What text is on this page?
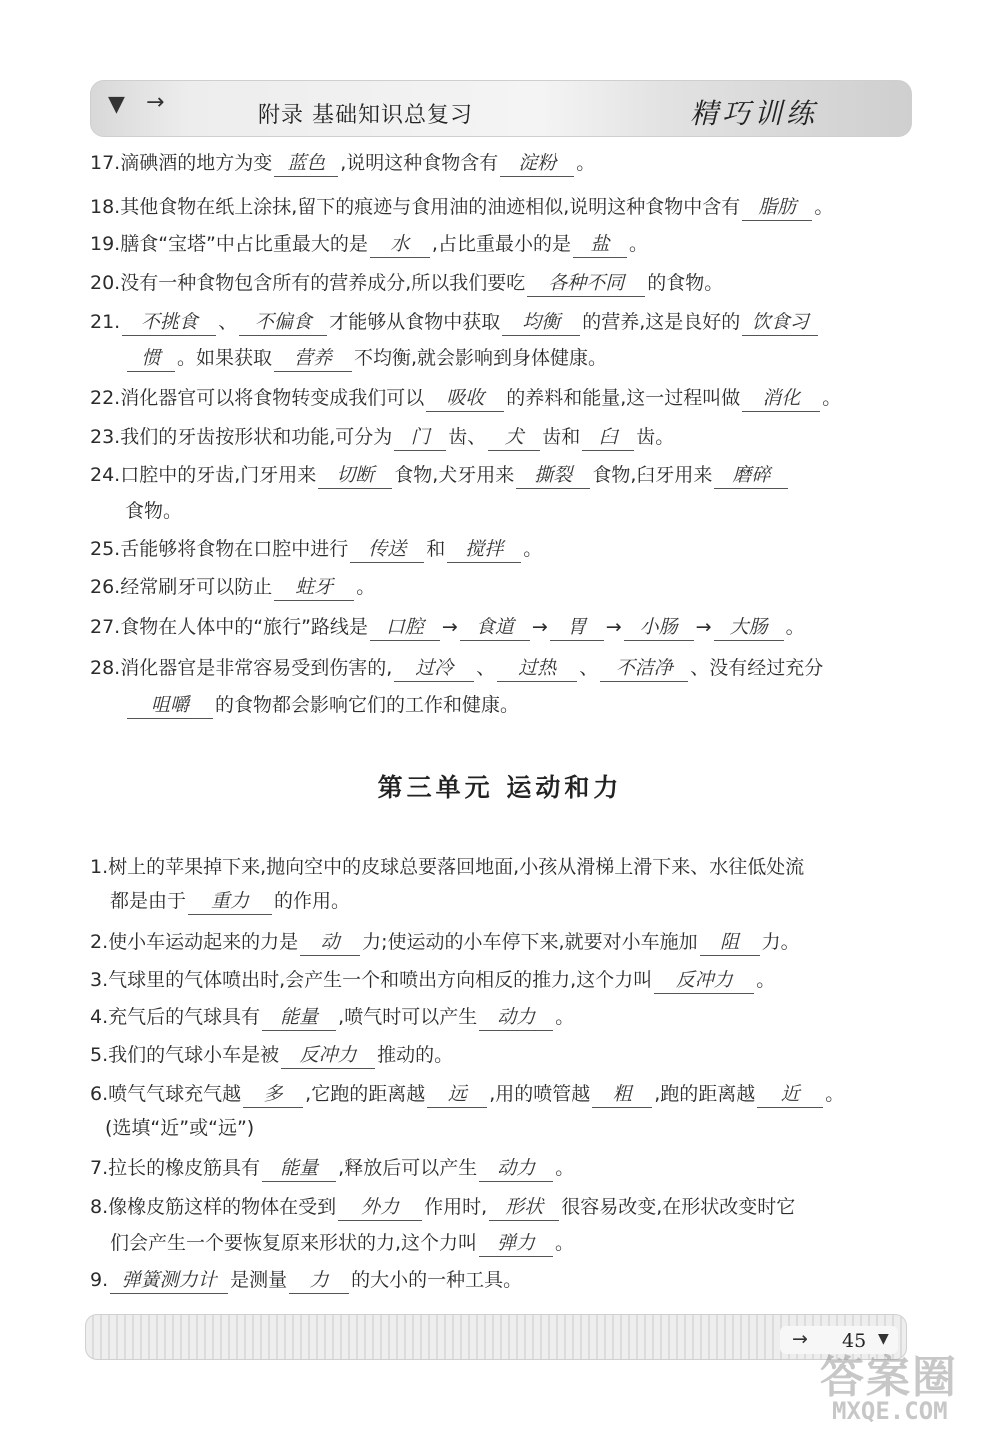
▼ →
附录 基础知识总复习	精巧训练
17.滴碘酒的地方为变 蓝色 ,说明这种食物含有 淀粉 。
18.其他食物在纸上涂抹,留下的痕迹与食用油的油迹相似,说明这种食物中含有 脂肪 。
19.膳食“宝塔”中占比重最大的是 水 ,占比重最小的是 盐 。
20.没有一种食物包含所有的营养成分,所以我们要吃 各种不同 的食物。
21. 不挑食 、 不偏食 才能够从食物中获取 均衡 的营养,这是良好的 饮食习
惯 。如果获取 营养 不均衡,就会影响到身体健康。
22.消化器官可以将食物转变成我们可以 吸收 的养料和能量,这一过程叫做 消化 。
23.我们的牙齿按形状和功能,可分为 门 齿、 犬 齿和 臼 齿。
24.口腔中的牙齿,门牙用来 切断 食物,犬牙用来 撕裂 食物,臼牙用来 磨碎
食物。
25.舌能够将食物在口腔中进行 传送 和 搅拌 。
26.经常刷牙可以防止 蛀牙 。
27.食物在人体中的“旅行”路线是 口腔 → 食道 → 胃 → 小肠 → 大肠 。
28.消化器官是非常容易受到伤害的, 过冷 、 过热 、 不洁净 、没有经过充分
咀嚼 的食物都会影响它们的工作和健康。
第三单元 运动和力
1.树上的苹果掉下来,抛向空中的皮球总要落回地面,小孩从滑梯上滑下来、水往低处流
都是由于 重力 的作用。
2.使小车运动起来的力是 动 力;使运动的小车停下来,就要对小车施加 阻 力。
3.气球里的气体喷出时,会产生一个和喷出方向相反的推力,这个力叫 反冲力 。
4.充气后的气球具有 能量 ,喷气时可以产生 动力 。
5.我们的气球小车是被 反冲力 推动的。
6.喷气气球充气越 多 ,它跑的距离越 远 ,用的喷管越 粗 ,跑的距离越 近 。
(选填“近”或“远”)
7.拉长的橡皮筋具有 能量 ,释放后可以产生 动力 。
8.像橡皮筋这样的物体在受到 外力 作用时, 形状 很容易改变,在形状改变时它
们会产生一个要恢复原来形状的力,这个力叫 弹力 。
9. 弹簧测力计 是测量 力 的大小的一种工具。
→ 45 ▼
答案圈
MXQE.COM
